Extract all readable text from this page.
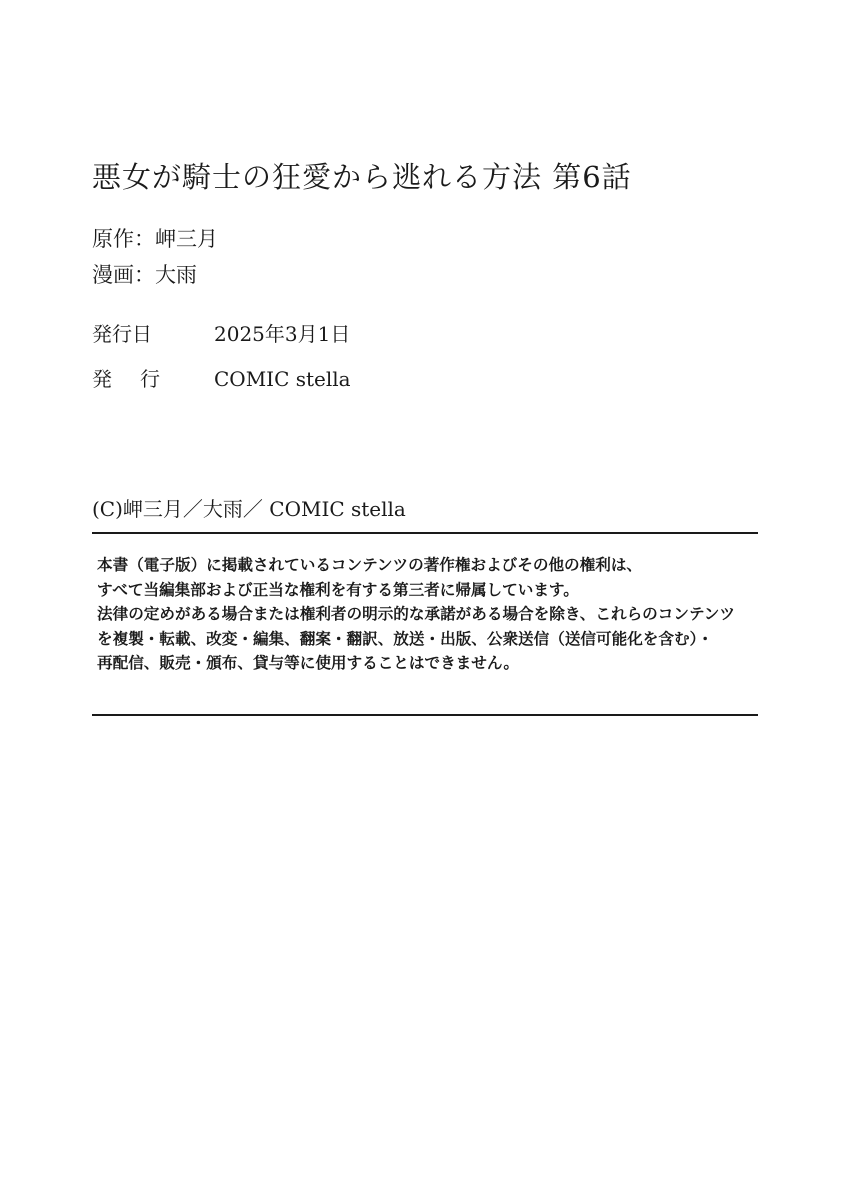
悪女が騎士の狂愛から逃れる方法 第6話
原作：岬三月
漫画：大雨
発行日	2025年3月1日
発行 COMIC stella
(C)岬三月／大雨／ COMIC stella
本書（電子版）に掲載されているコンテンツの著作権およびその他の権利は、
すべて当編集部および正当な権利を有する第三者に帰属しています。
法律の定めがある場合または権利者の明示的な承諾がある場合を除き、これらのコンテンツ
を複製・転載、改変・編集、翻案・翻訳、放送・出版、公衆送信（送信可能化を含む）・
再配信、販売・頒布、貸与等に使用することはできません。
